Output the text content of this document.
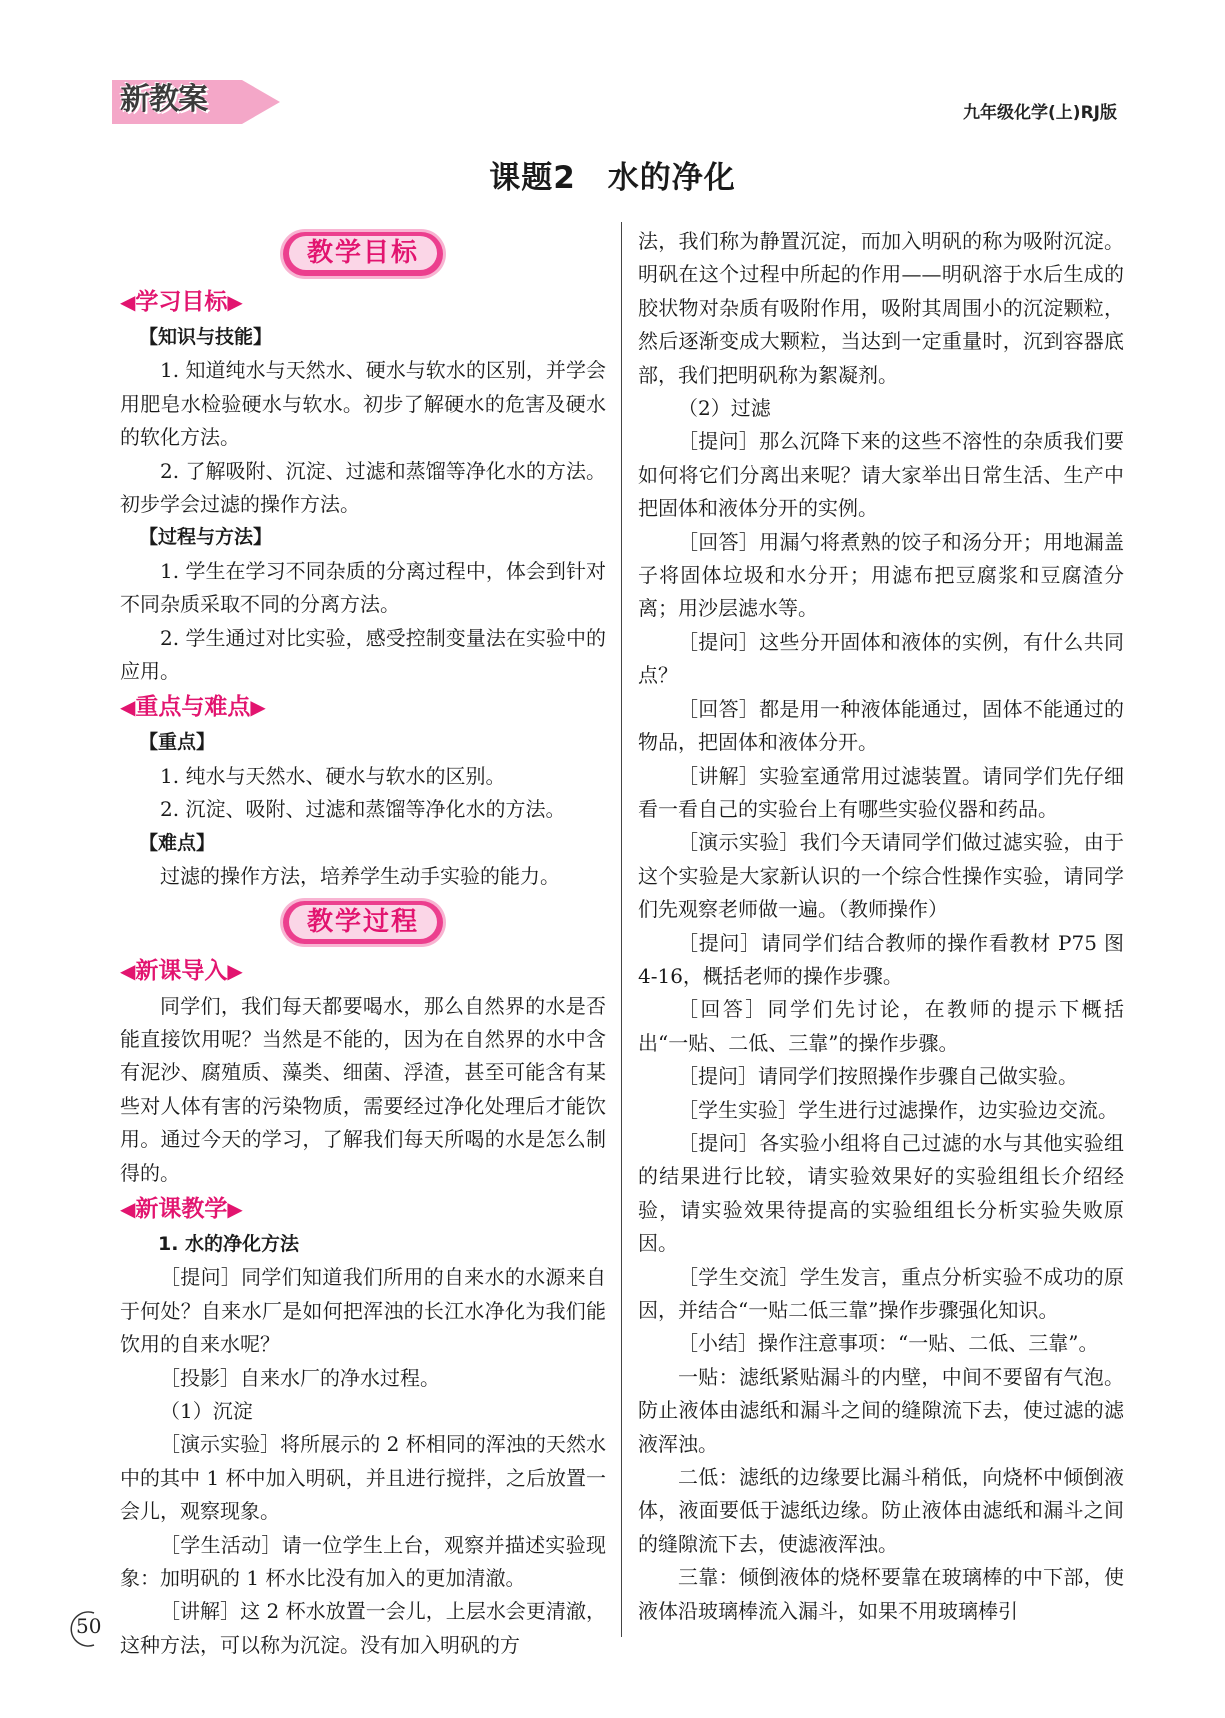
新教案	九年级化学(上)RJ版
课题2　水的净化
教学目标
◀ 学习目标 ▶

【知识与技能】

1. 知道纯水与天然水、硬水与软水的区别，并学会用肥皂水检验硬水与软水。初步了解硬水的危害及硬水的软化方法。

2. 了解吸附、沉淀、过滤和蒸馏等净化水的方法。初步学会过滤的操作方法。

【过程与方法】

1. 学生在学习不同杂质的分离过程中，体会到针对不同杂质采取不同的分离方法。

2. 学生通过对比实验，感受控制变量法在实验中的应用。

◀ 重点与难点 ▶

【重点】

1. 纯水与天然水、硬水与软水的区别。

2. 沉淀、吸附、过滤和蒸馏等净化水的方法。

【难点】

过滤的操作方法，培养学生动手实验的能力。

教学过程
◀ 新课导入 ▶

同学们，我们每天都要喝水，那么自然界的水是否能直接饮用呢？当然是不能的，因为在自然界的水中含有泥沙、腐殖质、藻类、细菌、浮渣，甚至可能含有某些对人体有害的污染物质，需要经过净化处理后才能饮用。通过今天的学习，了解我们每天所喝的水是怎么制得的。

◀ 新课教学 ▶

1. 水的净化方法

［提问］同学们知道我们所用的自来水的水源来自于何处？自来水厂是如何把浑浊的长江水净化为我们能饮用的自来水呢？

［投影］自来水厂的净水过程。

（1）沉淀

［演示实验］将所展示的 2 杯相同的浑浊的天然水中的其中 1 杯中加入明矾，并且进行搅拌，之后放置一会儿，观察现象。

［学生活动］请一位学生上台，观察并描述实验现象：加明矾的 1 杯水比没有加入的更加清澈。

［讲解］这 2 杯水放置一会儿，上层水会更清澈，这种方法，可以称为沉淀。没有加入明矾的方

法，我们称为静置沉淀，而加入明矾的称为吸附沉淀。明矾在这个过程中所起的作用——明矾溶于水后生成的胶状物对杂质有吸附作用，吸附其周围小的沉淀颗粒，然后逐渐变成大颗粒，当达到一定重量时，沉到容器底部，我们把明矾称为絮凝剂。

（2）过滤

［提问］那么沉降下来的这些不溶性的杂质我们要如何将它们分离出来呢？请大家举出日常生活、生产中把固体和液体分开的实例。

［回答］用漏勺将煮熟的饺子和汤分开；用地漏盖子将固体垃圾和水分开；用滤布把豆腐浆和豆腐渣分离；用沙层滤水等。

［提问］这些分开固体和液体的实例，有什么共同点？

［回答］都是用一种液体能通过，固体不能通过的物品，把固体和液体分开。

［讲解］实验室通常用过滤装置。请同学们先仔细看一看自己的实验台上有哪些实验仪器和药品。

［演示实验］我们今天请同学们做过滤实验，由于这个实验是大家新认识的一个综合性操作实验，请同学们先观察老师做一遍。（教师操作）

［提问］请同学们结合教师的操作看教材 P75 图 4-16，概括老师的操作步骤。

［回答］同学们先讨论，在教师的提示下概括出“一贴、二低、三靠”的操作步骤。

［提问］请同学们按照操作步骤自己做实验。

［学生实验］学生进行过滤操作，边实验边交流。

［提问］各实验小组将自己过滤的水与其他实验组的结果进行比较，请实验效果好的实验组组长介绍经验，请实验效果待提高的实验组组长分析实验失败原因。

［学生交流］学生发言，重点分析实验不成功的原因，并结合“一贴二低三靠”操作步骤强化知识。

［小结］操作注意事项：“一贴、二低、三靠”。

一贴：滤纸紧贴漏斗的内壁，中间不要留有气泡。防止液体由滤纸和漏斗之间的缝隙流下去，使过滤的滤液浑浊。

二低：滤纸的边缘要比漏斗稍低，向烧杯中倾倒液体，液面要低于滤纸边缘。防止液体由滤纸和漏斗之间的缝隙流下去，使滤液浑浊。

三靠：倾倒液体的烧杯要靠在玻璃棒的中下部，使液体沿玻璃棒流入漏斗，如果不用玻璃棒引

50
